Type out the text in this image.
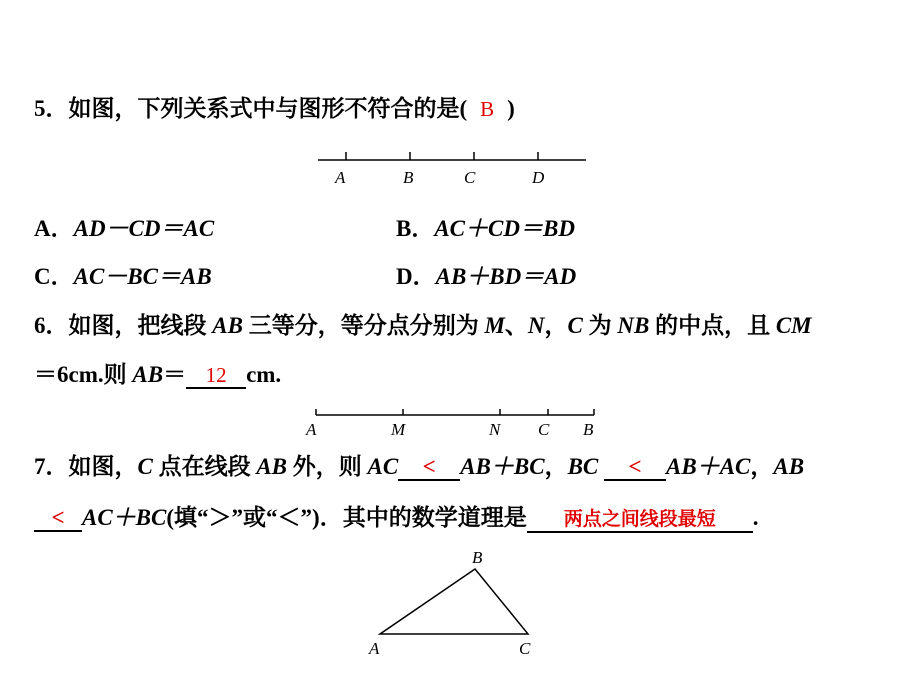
5．如图，下列关系式中与图形不符合的是( B )
A	B	C	D
A	M	N C B
B
A	C
A．AD－CD＝AC	B．AC＋CD＝BD
C．AC－BC＝AB	D．AB＋BD＝AD
6．如图，把线段 AB 三等分，等分点分别为 M、N，C 为 NB 的中点，且 CM
＝6cm.则 AB＝ 12 cm.
7．如图，C 点在线段 AB 外，则 AC < AB＋BC，BC < AB＋AC，AB
< AC＋BC(填“＞”或“＜”)．其中的数学道理是 两点之间线段最短 .
